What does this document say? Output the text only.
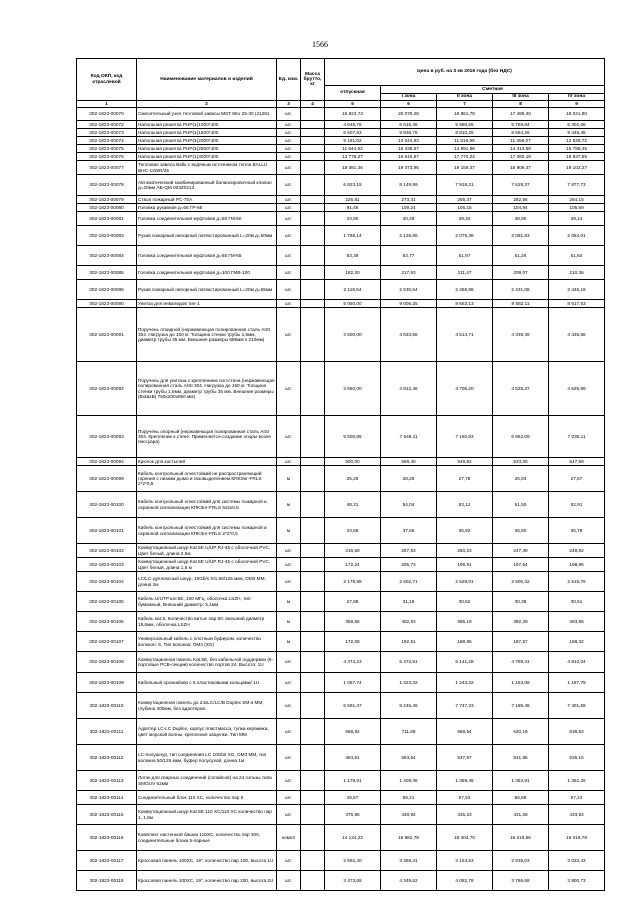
1566
Код ОКП, код отраслевой	Наименование материалов и изделий	Ед. изм.	Масса брутто, кг	Цена в руб. на 3 кв 2016 года (без НДС)				
				отпускная	Сметная			
					I зона	II зона	III зона	IV зона
1	2	3	4	5	6	7	8	9
302-1823-00070	Смесительный узел тепловой завесы MST 8Kv 25-30 (21281	шт.		15 923,73	20 079,28	18 861,78	17 495,40	18 021,80
302-1823-00072	Напольная решетка PHP(1)1000*400	шт.		4 645,76	6 615,36	5 980,65	5 759,84	6 302,68
302-1823-00073	Напольная решетка PHP(1)1500*400	шт.		6 607,63	9 836,76	8 810,26	8 564,26	9 445,45
302-1823-00074	Напольная решетка PHP(1)2000*400	шт.		9 161,02	13 044,93	11 816,95	11 358,07	12 528,72
302-1823-00075	Напольная решетка PHP(1)2500*400	шт.		11 644,92	16 438,57	14 891,96	14 313,69	15 788,45
302-1823-00076	Напольная решетка PHP(1)3000*400	шт.		13 776,27	19 616,87	17 770,24	17 080,19	18 837,59
302-1823-00077	Тепловая завеса Ballu с водяным источником тепла BALLU BHC-12WR/25	шт.		18 381,36	19 373,95	19 155,37	18 906,37	19 102,27
302-1823-00078	Автоматический комбинированный балансировочный клапан д=20мм AB-QM 003Z0213	шт.		6 823,15	8 149,99	7 918,21	7 629,37	7 877,73
302-1823-00079	Ствол пожарный РС-70А	шт.		226,81	273,31	265,37	262,56	264,15
302-1823-00080	Головка рукавная д=65 ГР-65	шт.		91,46	109,24	106,15	104,94	105,59
302-1823-00081	Головка соединительная муфтовая д=50 ГМ-50	шт.		33,90	40,49	39,34	38,90	39,14
302-1823-00083	Рукав пожарный напорный латекстированный L=20м д=50мм	шт.		1 788,14	2 135,86	2 075,38	2 051,83	2 064,01
302-1823-00084	Головка соединительная муфтовая д=65 ГМ-65	шт.		53,39	63,77	61,97	61,26	61,64
302-1823-00085	Головка соединительная муфтовая д=100 ГМВ-100	шт.		182,20	217,63	211,47	209,07	210,36
302-1823-00086	Рукав пожарный напорный латекстированный L=20м д=65мм	шт.		2 118,64	2 530,64	2 458,98	2 431,08	2 446,19
302-1823-00090	Унитаз для инвалидов тип-1	шт.		5 050,00	9 006,25	8 652,13	8 582,11	8 617,63
302-1823-00091	Поручень откидной (нержавеющая полированная сталь AISI 304. Нагрузка до 150 кг. Толщина стенки трубы 1,5мм, диаметр трубы 35 мм. Внешние размеры 695мм x 210мм)	шт.		3 500,00	4 633,66	4 514,71	4 339,39	4 435,66
302-1823-00092	Поручень для унитаза с креплением пол-стена (нержавеющая полированная сталь AISI 304. Нагрузка до 150 кг. Толщина стенки трубы 1,5мм, диаметр трубы 35 мм. Внешние размеры (ВхШхВ) 750х200х850 мм)	шт.		3 650,00	4 812,46	4 706,20	4 525,37	4 625,99
302-1823-00093	Поручень опорный (нержавеющая полированная сталь AISI 304. Крепление к стене. Применяется-создание опоры возле писсуара)	шт.		5 500,85	7 549,11	7 160,53	6 862,09	7 035,11
302-1823-00094	Крючок для костылей	шт.		500,00	559,40	549,82	533,05	547,69
302-1823-00099	Кабель контрольный огнестойкий не распространяющий горения с низким дымо и газовыделением КПКЭнг-FRLS 2*2*0,5	м		25,25	28,26	27,78	26,93	27,67
302-1823-00100	Кабель контрольный огнестойкий для системы пожарной и охранной сигнализации КПКЭнг-FRLS 6x2x0,5	м		48,31	54,04	53,12	51,50	52,91
302-1823-00101	Кабель контрольный огнестойкий для системы пожарной и охранной сигнализации КПКЭнг-FRLS 2*2*0,5	м		33,58	37,56	36,92	35,80	36,78
302-1823-00102	Коммутационный шнур Kat.5E U/UP RJ-45 с оболочкой PVC. Цвет белый, длина 2,5м	шт.		216,60	257,53	250,23	247,39	248,92
302-1823-00103	Коммутационный шнур Kat.5E U/UP RJ-45 с оболочкой PVC. Цвет белый, длина 1,5 м	шт.		172,24	205,73	199,91	197,64	198,86
302-1823-00104	LC/LC-дуплексный шнур, 10Gb/s XG.50/125 мкм, OM3 MM, длина 2м	шт.		2 178,98	2 602,71	2 529,01	2 500,32	2 515,76
302-1823-00105	Кабель U/UTP кат.5E, 100 МГц, оболочка LSZH, тип: бумажный, Внешний диаметр: 5,1мм	м		27,88	31,19	30,62	30,39	30,51
302-1823-00106	Кабель кат.5, Количество витых пар 50. внешний диаметр 15,6мм, оболочка LSZH	м		359,66	402,63	395,19	392,29	393,86
302-1823-00107	Универсальный кабель с плотным буфером, количество волокон: 6, Тип волокна: OM3 (XG)	м		172,08	192,51	188,95	187,57	188,32
302-1823-00108	Коммутационная панель Kat.5E, без кабельной поддержки (8-портовые PCB-секции) количество портов 24. Высота: 1U	шт.		4 374,23	5 472,51	5 141,28	4 759,41	4 912,04
302-1823-00109	Кабельный органайзер с 5 пластиковыми кольцами/ 1U	шт.		1 057,74	1 323,32	1 243,22	1 153,08	1 187,79
302-1823-00110	Коммутационная панель до 24xLC/LC/B Duplex SM и MM, глубина 300мм, без адаптеров.	шт.		6 591,47	8 246,46	7 747,33	7 185,48	7 401,69
302-1823-00111	Адаптер LC-LC Duplex, корпус пластмасса, тулка керамика, цвет морской волны, крепление защелки. Тип MM	шт.		568,92	711,68	668,64	620,19	638,82
302-1823-00112	LC-полушнур, тип соединения LC 10Gbit XG, OM3 MM, тип волокна 50/125 мкм, буфер полусухой, длина 1м	шт.		463,51	563,64	537,97	531,86	535,15
302-1823-00113	Лоток для сварных соединений (сплайсов) на 24 гильзы типа SMOUV 62мм	шт.		1 179,91	1 409,36	1 369,45	1 353,91	1 362,26
302-1823-00114	Соединительный блок 110 XC, количество пар 5	шт.		49,57	59,21	57,53	56,88	57,23
302-1823-00115	Коммутационный шнур Kat.5E 110 XC/110 XC количество пар 1, 1,8м	шт.		375,85	448,94	436,23	431,28	433,94
302-1823-00116	Комплект настенной башни 110XC, количество пар 300, соединительные блоки 5-парные	компл		14 134,22	16 882,78	16 404,70	16 218,56	16 318,78
302-1823-00117	Кроссовая панель 100XC, 19", количество пар 100, высота 1U	шт.		2 692,40	3 368,41	3 164,53	2 935,03	3 023,43
302-1823-00118	Кроссовая панель 100XC, 19", количество пар 200, высота 2U	шт.		3 473,65	4 345,62	4 082,78	3 786,68	3 900,73
